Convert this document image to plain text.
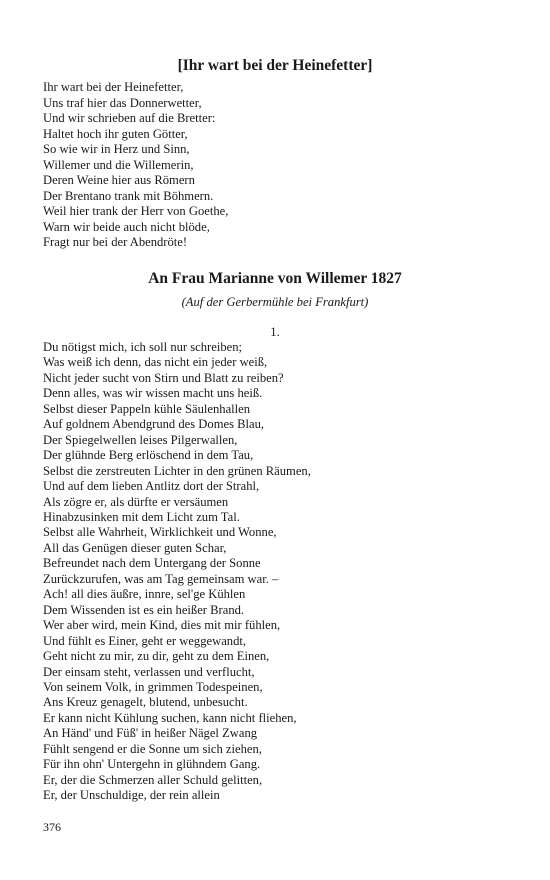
[Ihr wart bei der Heinefetter]
Ihr wart bei der Heinefetter,
Uns traf hier das Donnerwetter,
Und wir schrieben auf die Bretter:
Haltet hoch ihr guten Götter,
So wie wir in Herz und Sinn,
Willemer und die Willemerin,
Deren Weine hier aus Römern
Der Brentano trank mit Böhmern.
Weil hier trank der Herr von Goethe,
Warn wir beide auch nicht blöde,
Fragt nur bei der Abendröte!
An Frau Marianne von Willemer 1827
(Auf der Gerbermühle bei Frankfurt)
1.
Du nötigst mich, ich soll nur schreiben;
Was weiß ich denn, das nicht ein jeder weiß,
Nicht jeder sucht von Stirn und Blatt zu reiben?
Denn alles, was wir wissen macht uns heiß.
Selbst dieser Pappeln kühle Säulenhallen
Auf goldnem Abendgrund des Domes Blau,
Der Spiegelwellen leises Pilgerwallen,
Der glühnde Berg erlöschend in dem Tau,
Selbst die zerstreuten Lichter in den grünen Räumen,
Und auf dem lieben Antlitz dort der Strahl,
Als zögre er, als dürfte er versäumen
Hinabzusinken mit dem Licht zum Tal.
Selbst alle Wahrheit, Wirklichkeit und Wonne,
All das Genügen dieser guten Schar,
Befreundet nach dem Untergang der Sonne
Zurückzurufen, was am Tag gemeinsam war. –
Ach! all dies äußre, innre, sel'ge Kühlen
Dem Wissenden ist es ein heißer Brand.
Wer aber wird, mein Kind, dies mit mir fühlen,
Und fühlt es Einer, geht er weggewandt,
Geht nicht zu mir, zu dir, geht zu dem Einen,
Der einsam steht, verlassen und verflucht,
Von seinem Volk, in grimmen Todespeinen,
Ans Kreuz genagelt, blutend, unbesucht.
Er kann nicht Kühlung suchen, kann nicht fliehen,
An Händ' und Füß' in heißer Nägel Zwang
Fühlt sengend er die Sonne um sich ziehen,
Für ihn ohn' Untergehn in glühndem Gang.
Er, der die Schmerzen aller Schuld gelitten,
Er, der Unschuldige, der rein allein
376
